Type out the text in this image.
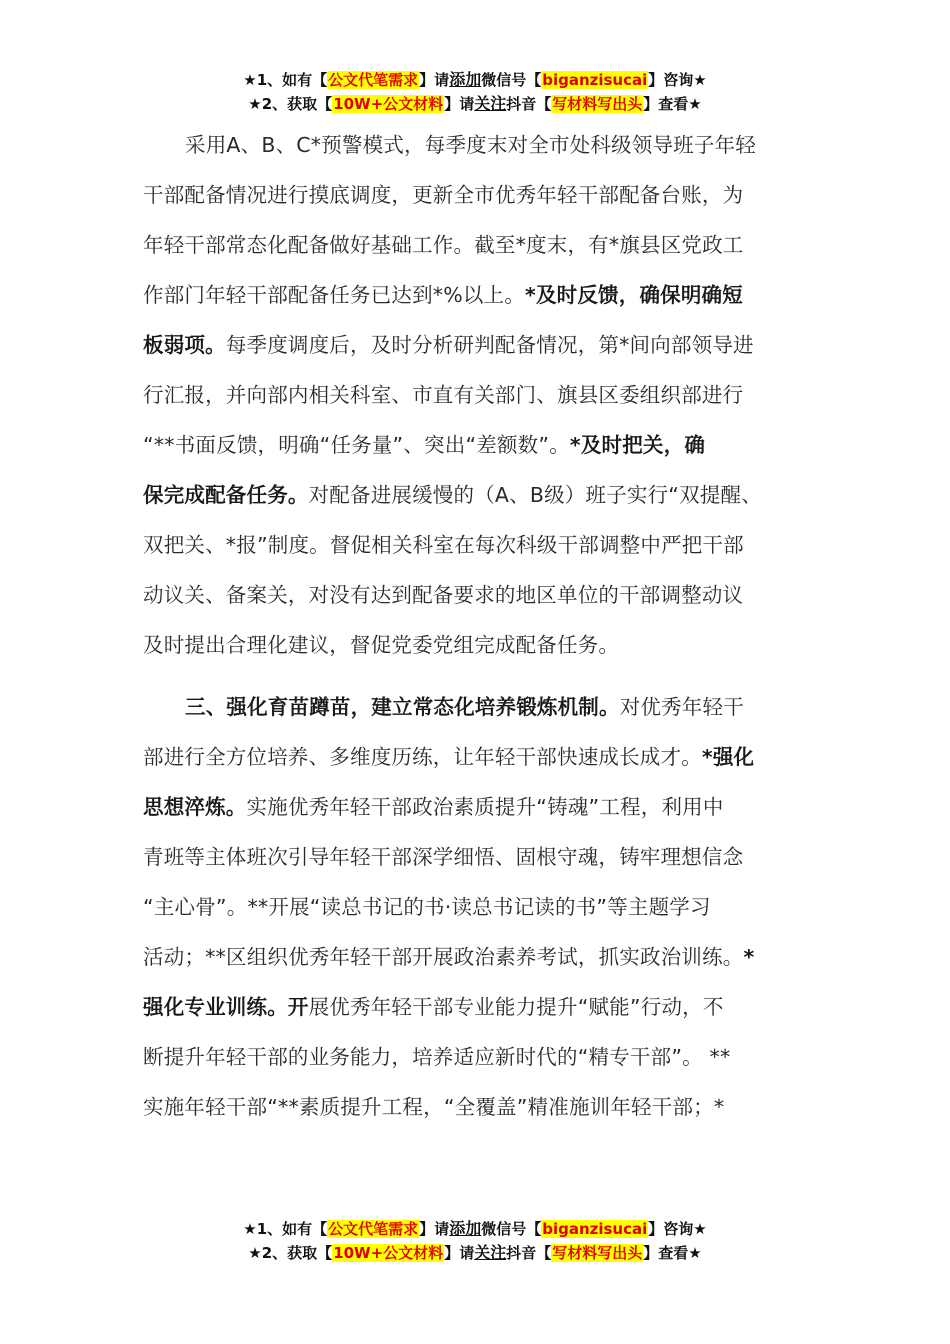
★1、如有【公文代笔需求】请添加微信号【biganzisucai】咨询★
★2、获取【10W+公文材料】请关注抖音【写材料写出头】查看★
采用A、B、C*预警模式，每季度末对全市处科级领导班子年轻
干部配备情况进行摸底调度，更新全市优秀年轻干部配备台账，为
年轻干部常态化配备做好基础工作。截至*度末，有*旗县区党政工
作部门年轻干部配备任务已达到*%以上。*及时反馈，确保明确短
板弱项。每季度调度后，及时分析研判配备情况，第*间向部领导进
行汇报，并向部内相关科室、市直有关部门、旗县区委组织部进行
“**书面反馈，明确“任务量”、突出“差额数”。*及时把关，确
保完成配备任务。对配备进展缓慢的（A、B级）班子实行“双提醒、
双把关、*报”制度。督促相关科室在每次科级干部调整中严把干部
动议关、备案关，对没有达到配备要求的地区单位的干部调整动议
及时提出合理化建议，督促党委党组完成配备任务。
三、强化育苗蹲苗，建立常态化培养锻炼机制。对优秀年轻干
部进行全方位培养、多维度历练，让年轻干部快速成长成才。*强化
思想淬炼。实施优秀年轻干部政治素质提升“铸魂”工程，利用中
青班等主体班次引导年轻干部深学细悟、固根守魂，铸牢理想信念
“主心骨”。**开展“读总书记的书·读总书记读的书”等主题学习
活动；**区组织优秀年轻干部开展政治素养考试，抓实政治训练。*
强化专业训练。开展优秀年轻干部专业能力提升“赋能”行动，不
断提升年轻干部的业务能力，培养适应新时代的“精专干部”。 **
实施年轻干部“**素质提升工程，“全覆盖”精准施训年轻干部；*
★1、如有【公文代笔需求】请添加微信号【biganzisucai】咨询★
★2、获取【10W+公文材料】请关注抖音【写材料写出头】查看★
